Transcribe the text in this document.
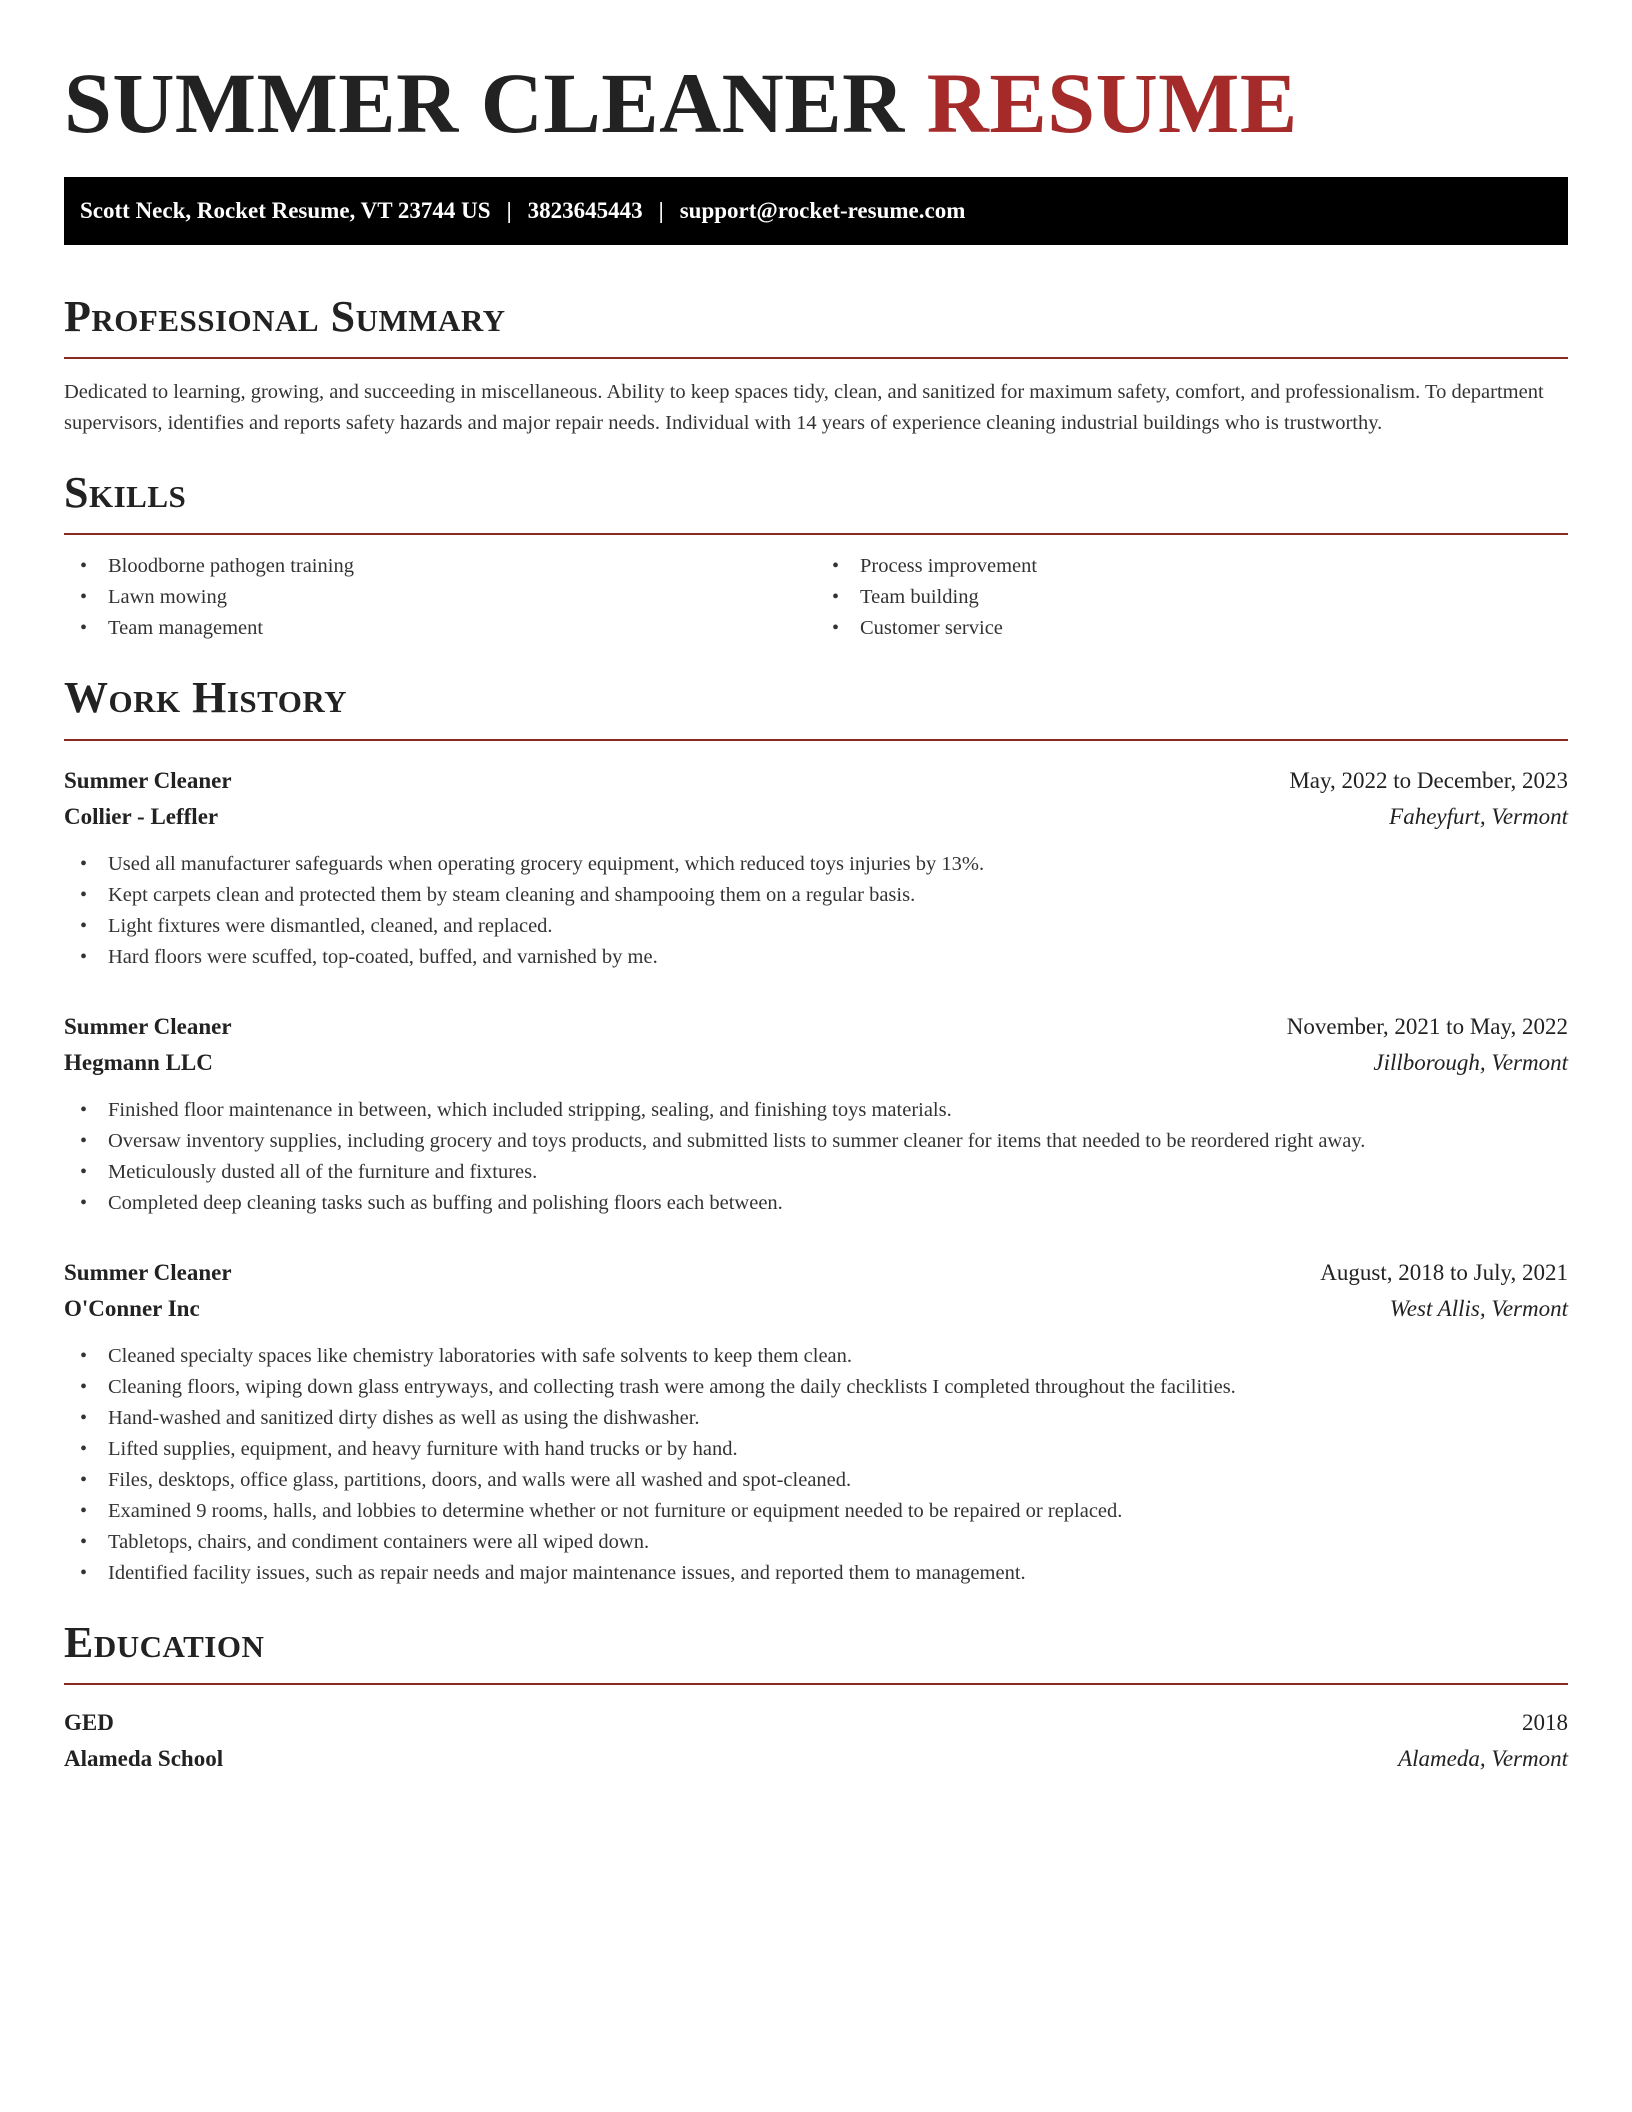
SUMMER CLEANER RESUME
Scott Neck, Rocket Resume, VT 23744 US | 3823645443 | support@rocket-resume.com
Professional Summary

Dedicated to learning, growing, and succeeding in miscellaneous. Ability to keep spaces tidy, clean, and sanitized for maximum safety, comfort, and professionalism. To department supervisors, identifies and reports safety hazards and major repair needs. Individual with 14 years of experience cleaning industrial buildings who is trustworthy.

Skills
• Bloodborne pathogen training
• Lawn mowing
• Team management
• Process improvement
• Team building
• Customer service
Work History
Summer Cleaner	May, 2022 to December, 2023
Collier - Leffler	Faheyfurt, Vermont
• Used all manufacturer safeguards when operating grocery equipment, which reduced toys injuries by 13%.
• Kept carpets clean and protected them by steam cleaning and shampooing them on a regular basis.
• Light fixtures were dismantled, cleaned, and replaced.
• Hard floors were scuffed, top-coated, buffed, and varnished by me.
Summer Cleaner	November, 2021 to May, 2022
Hegmann LLC	Jillborough, Vermont
• Finished floor maintenance in between, which included stripping, sealing, and finishing toys materials.
• Oversaw inventory supplies, including grocery and toys products, and submitted lists to summer cleaner for items that needed to be reordered right away.
• Meticulously dusted all of the furniture and fixtures.
• Completed deep cleaning tasks such as buffing and polishing floors each between.
Summer Cleaner	August, 2018 to July, 2021
O'Conner Inc	West Allis, Vermont
• Cleaned specialty spaces like chemistry laboratories with safe solvents to keep them clean.
• Cleaning floors, wiping down glass entryways, and collecting trash were among the daily checklists I completed throughout the facilities.
• Hand-washed and sanitized dirty dishes as well as using the dishwasher.
• Lifted supplies, equipment, and heavy furniture with hand trucks or by hand.
• Files, desktops, office glass, partitions, doors, and walls were all washed and spot-cleaned.
• Examined 9 rooms, halls, and lobbies to determine whether or not furniture or equipment needed to be repaired or replaced.
• Tabletops, chairs, and condiment containers were all wiped down.
• Identified facility issues, such as repair needs and major maintenance issues, and reported them to management.
Education
GED	2018
Alameda School	Alameda, Vermont
